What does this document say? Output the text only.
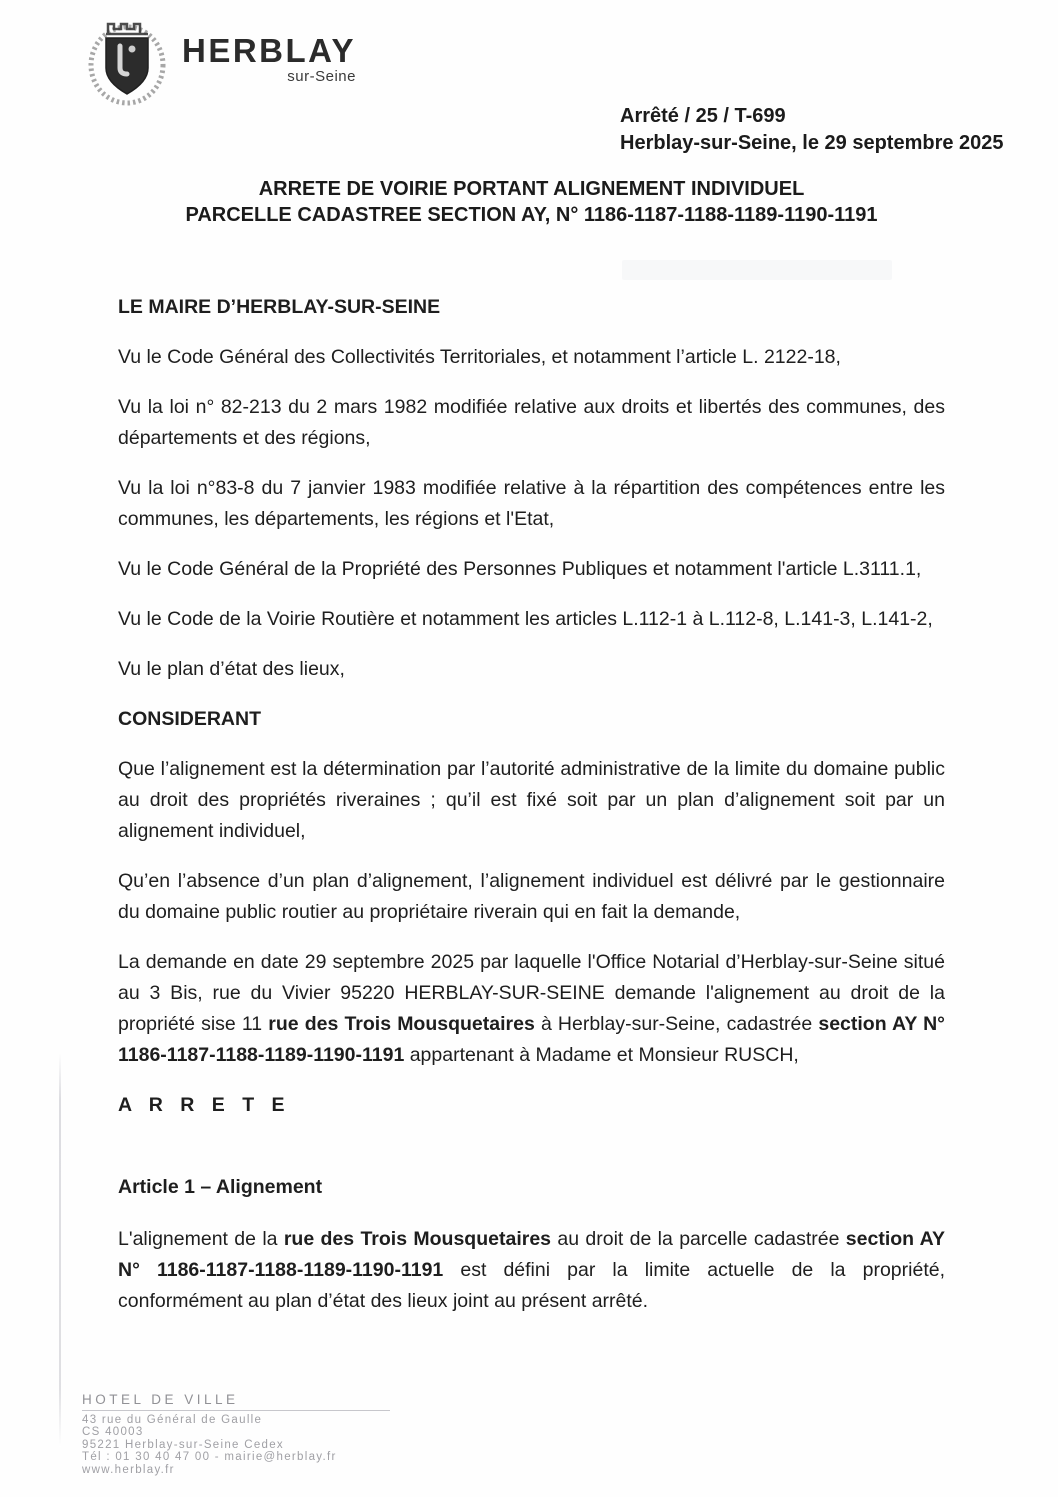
HERBLAY
sur-Seine
Arrêté / 25 / T-699
Herblay-sur-Seine, le 29 septembre 2025
ARRETE DE VOIRIE PORTANT ALIGNEMENT INDIVIDUEL
PARCELLE CADASTREE SECTION AY, N° 1186-1187-1188-1189-1190-1191

LE MAIRE D’HERBLAY-SUR-SEINE

Vu le Code Général des Collectivités Territoriales, et notamment l’article L. 2122-18,

Vu la loi n° 82-213 du 2 mars 1982 modifiée relative aux droits et libertés des communes, des départements et des régions,

Vu la loi n°83-8 du 7 janvier 1983 modifiée relative à la répartition des compétences entre les communes, les départements, les régions et l'Etat,

Vu le Code Général de la Propriété des Personnes Publiques et notamment l'article L.3111.1,

Vu le Code de la Voirie Routière et notamment les articles L.112-1 à L.112-8, L.141-3, L.141-2,

Vu le plan d’état des lieux,

CONSIDERANT

Que l’alignement est la détermination par l’autorité administrative de la limite du domaine public au droit des propriétés riveraines ; qu’il est fixé soit par un plan d’alignement soit par un alignement individuel,

Qu’en l’absence d’un plan d’alignement, l’alignement individuel est délivré par le gestionnaire du domaine public routier au propriétaire riverain qui en fait la demande,

La demande en date 29 septembre 2025 par laquelle l'Office Notarial d’Herblay-sur-Seine situé au 3 Bis, rue du Vivier 95220 HERBLAY-SUR-SEINE demande l'alignement au droit de la propriété sise 11 rue des Trois Mousquetaires à Herblay-sur-Seine, cadastrée section AY N° 1186-1187-1188-1189-1190-1191 appartenant à Madame et Monsieur RUSCH,

A R R E T E

Article 1 – Alignement

L'alignement de la rue des Trois Mousquetaires au droit de la parcelle cadastrée section AY N° 1186-1187-1188-1189-1190-1191 est défini par la limite actuelle de la propriété, conformément au plan d’état des lieux joint au présent arrêté.

HOTEL DE VILLE
43 rue du Général de Gaulle
CS 40003
95221 Herblay-sur-Seine Cedex
Tél : 01 30 40 47 00 - mairie@herblay.fr
www.herblay.fr
